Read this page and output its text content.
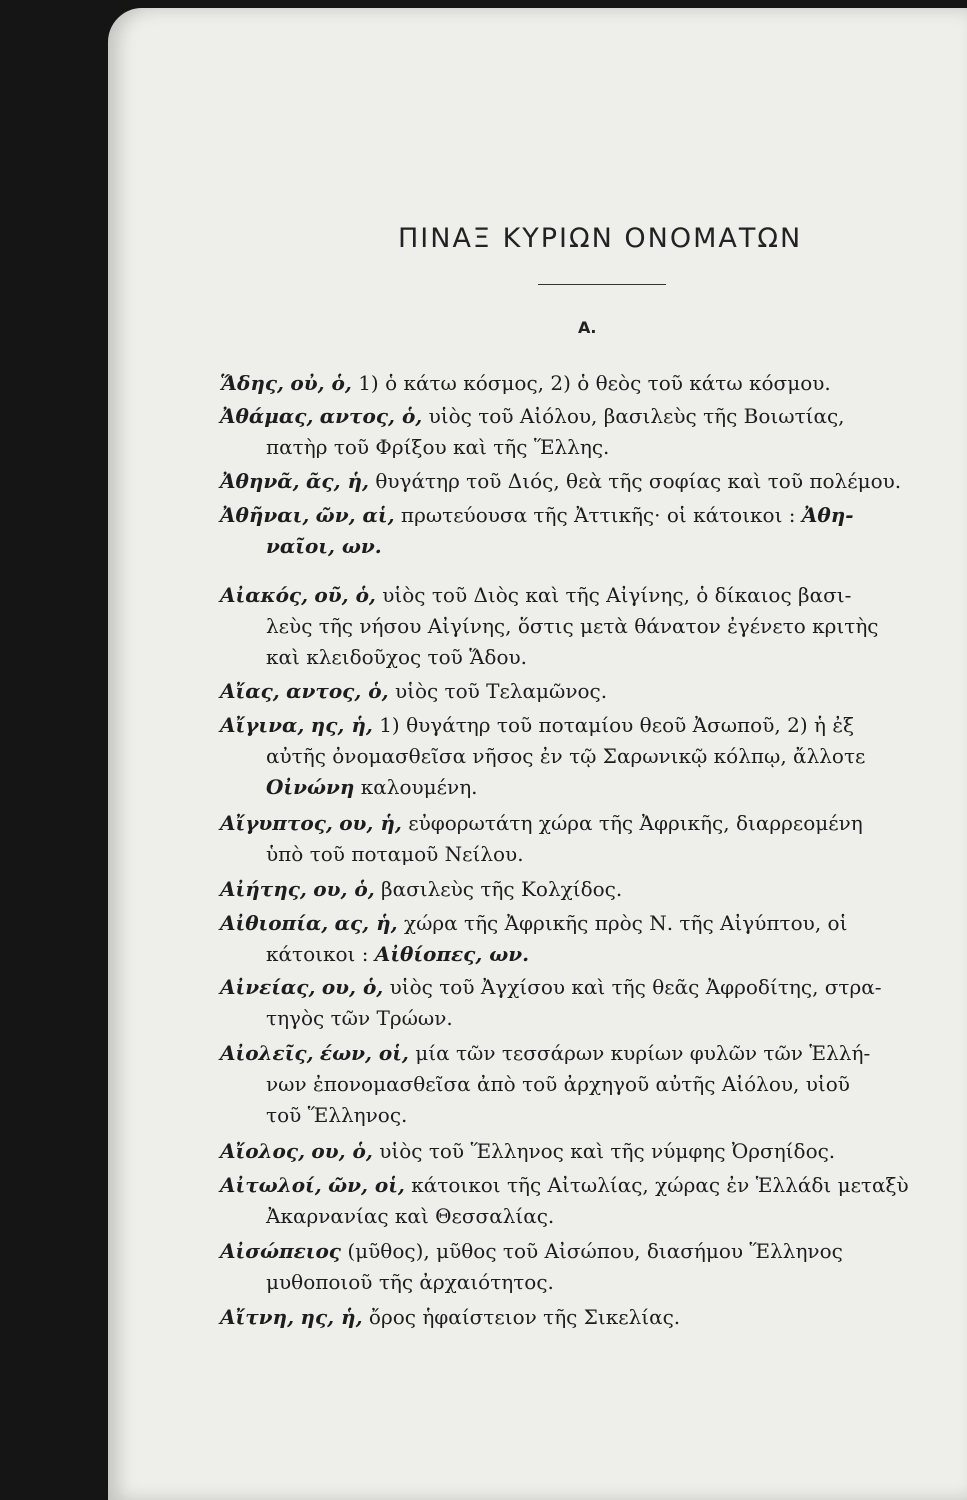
ΠΙΝΑΞ ΚΥΡΙΩΝ ΟΝΟΜΑΤΩΝ
Α.
Ἅδης, οὐ, ὁ, 1) ὁ κάτω κόσμος, 2) ὁ θεὸς τοῦ κάτω κόσμου.
Ἀθάμας, αντος, ὁ, υἱὸς τοῦ Αἰόλου, βασιλεὺς τῆς Βοιωτίας,
πατὴρ τοῦ Φρίξου καὶ τῆς Ἕλλης.
Ἀθηνᾶ, ᾶς, ἡ, θυγάτηρ τοῦ Διός, θεὰ τῆς σοφίας καὶ τοῦ πολέμου.
Ἀθῆναι, ῶν, αἱ, πρωτεύουσα τῆς Ἀττικῆς· οἱ κάτοικοι : Ἀθη-
ναῖοι, ων.
Αἰακός, οῦ, ὁ, υἱὸς τοῦ Διὸς καὶ τῆς Αἰγίνης, ὁ δίκαιος βασι-
λεὺς τῆς νήσου Αἰγίνης, ὅστις μετὰ θάνατον ἐγένετο κριτὴς
καὶ κλειδοῦχος τοῦ Ἅδου.
Αἴας, αντος, ὁ, υἱὸς τοῦ Τελαμῶνος.
Αἴγινα, ης, ἡ, 1) θυγάτηρ τοῦ ποταμίου θεοῦ Ἀσωποῦ, 2) ἡ ἐξ
αὐτῆς ὀνομασθεῖσα νῆσος ἐν τῷ Σαρωνικῷ κόλπῳ, ἄλλοτε
Οἰνώνη καλουμένη.
Αἴγυπτος, ου, ἡ, εὐφορωτάτη χώρα τῆς Ἀφρικῆς, διαρρεομένη
ὑπὸ τοῦ ποταμοῦ Νείλου.
Αἰήτης, ου, ὁ, βασιλεὺς τῆς Κολχίδος.
Αἰθιοπία, ας, ἡ, χώρα τῆς Ἀφρικῆς πρὸς Ν. τῆς Αἰγύπτου, οἱ
κάτοικοι : Αἰθίοπες, ων.
Αἰνείας, ου, ὁ, υἱὸς τοῦ Ἀγχίσου καὶ τῆς θεᾶς Ἀφροδίτης, στρα-
τηγὸς τῶν Τρώων.
Αἰολεῖς, έων, οἱ, μία τῶν τεσσάρων κυρίων φυλῶν τῶν Ἑλλή-
νων ἐπονομασθεῖσα ἀπὸ τοῦ ἀρχηγοῦ αὐτῆς Αἰόλου, υἱοῦ
τοῦ Ἕλληνος.
Αἴολος, ου, ὁ, υἱὸς τοῦ Ἕλληνος καὶ τῆς νύμφης Ὀρσηίδος.
Αἰτωλοί, ῶν, οἱ, κάτοικοι τῆς Αἰτωλίας, χώρας ἐν Ἑλλάδι μεταξὺ
Ἀκαρνανίας καὶ Θεσσαλίας.
Αἰσώπειος (μῦθος), μῦθος τοῦ Αἰσώπου, διασήμου Ἕλληνος
μυθοποιοῦ τῆς ἀρχαιότητος.
Αἴτνη, ης, ἡ, ὄρος ἡφαίστειον τῆς Σικελίας.
